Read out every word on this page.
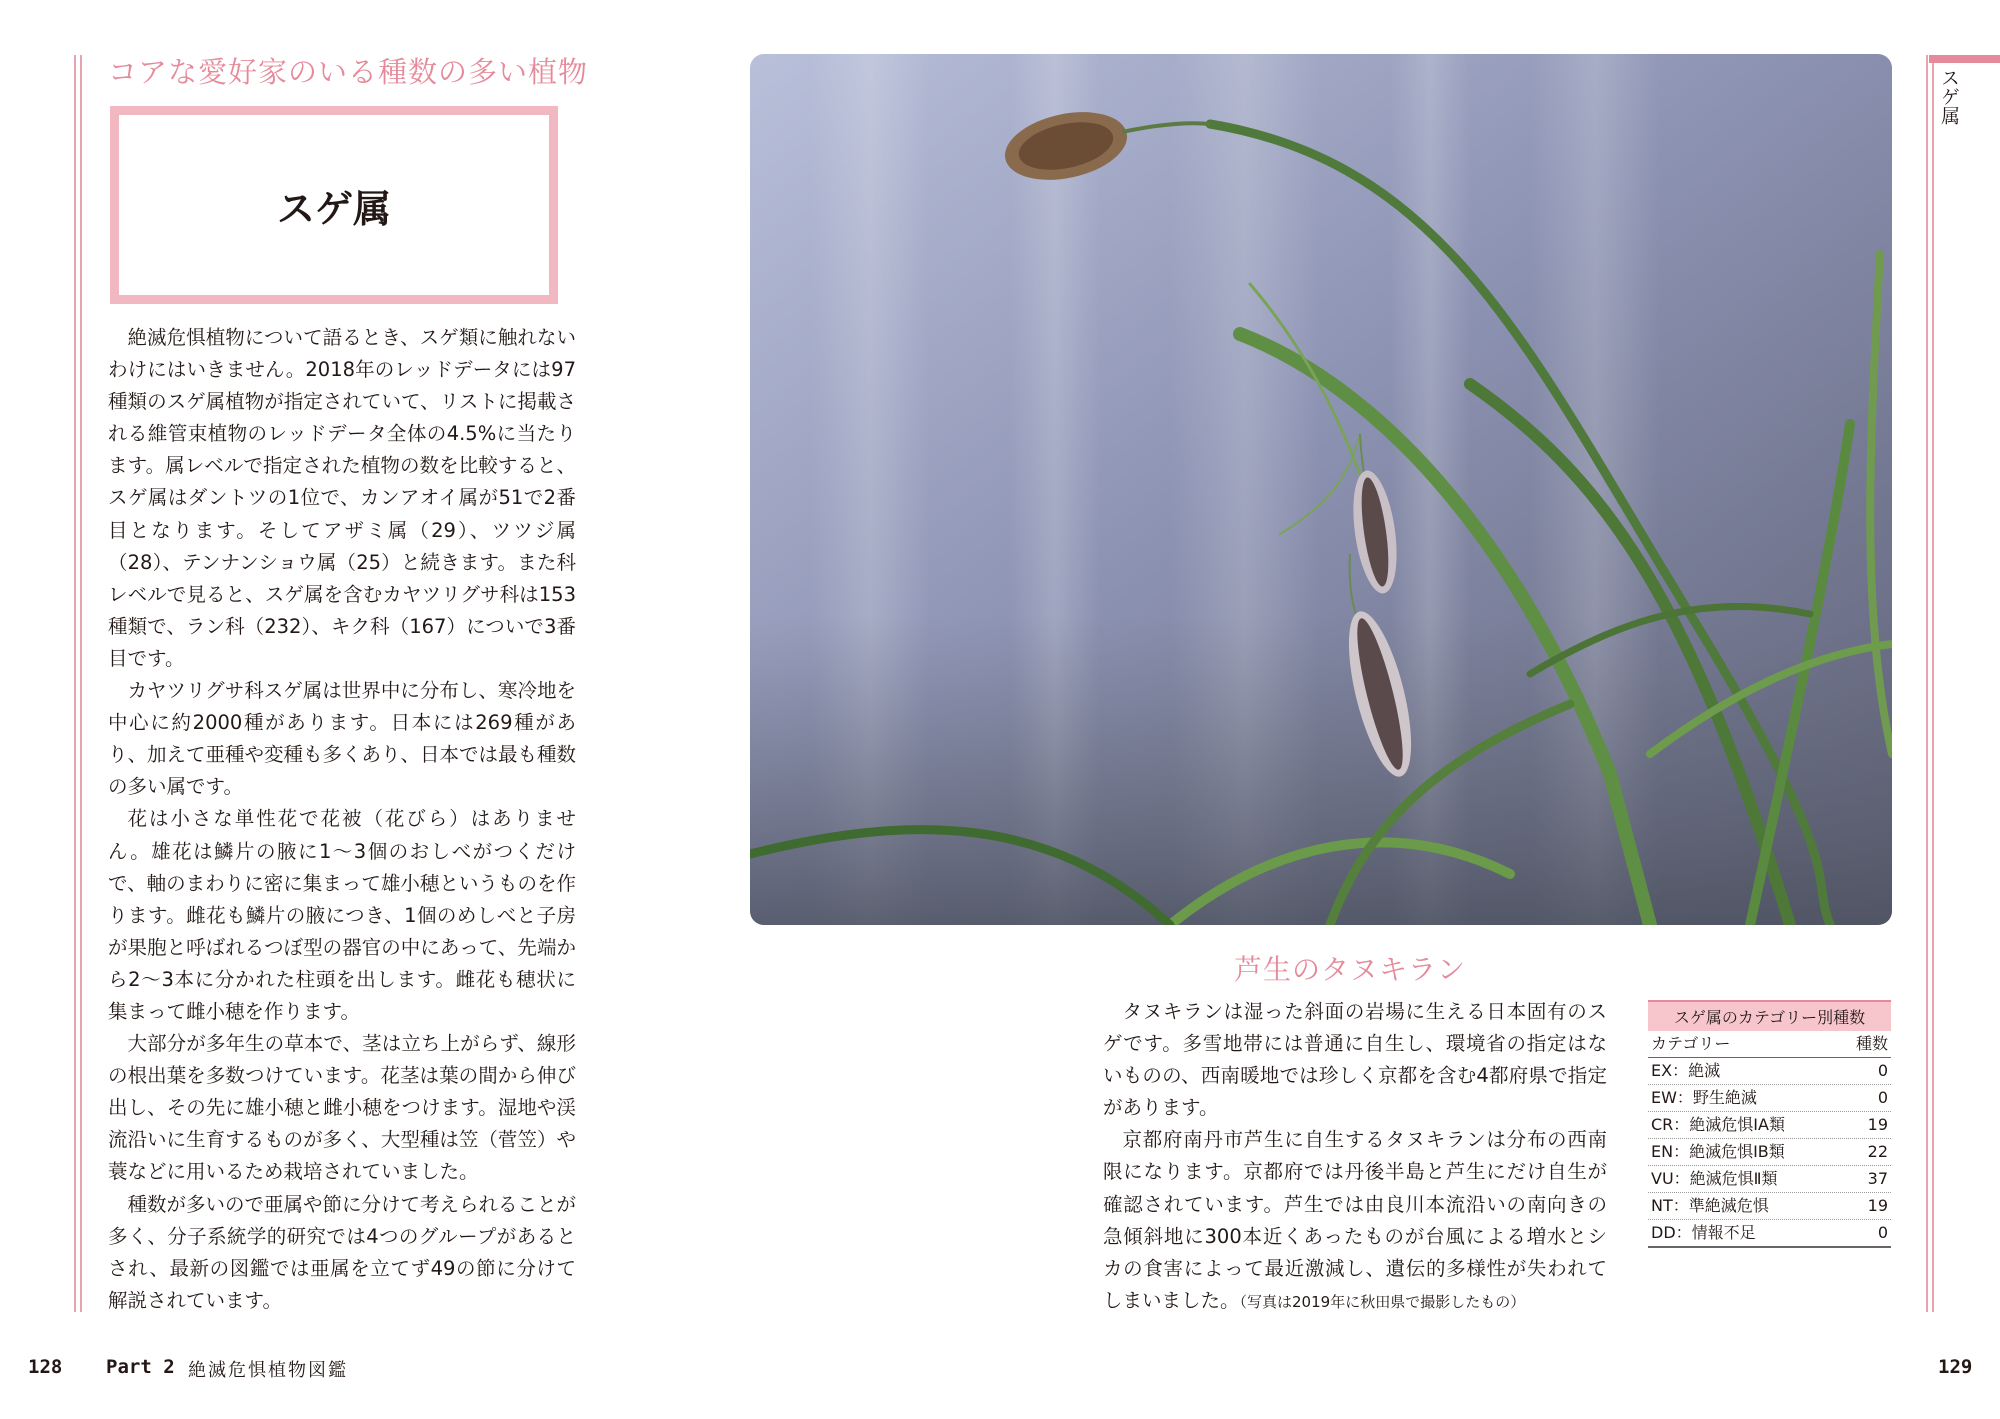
コアな愛好家のいる種数の多い植物
スゲ属

絶滅危惧植物について語るとき、スゲ類に触れないわけにはいきません。2018年のレッドデータには97種類のスゲ属植物が指定されていて、リストに掲載される維管束植物のレッドデータ全体の4.5%に当たります。属レベルで指定された植物の数を比較すると、スゲ属はダントツの1位で、カンアオイ属が51で2番目となります。そしてアザミ属（29）、ツツジ属（28）、テンナンショウ属（25）と続きます。また科レベルで見ると、スゲ属を含むカヤツリグサ科は153種類で、ラン科（232）、キク科（167）についで3番目です。

カヤツリグサ科スゲ属は世界中に分布し、寒冷地を中心に約2000種があります。日本には269種があり、加えて亜種や変種も多くあり、日本では最も種数の多い属です。

花は小さな単性花で花被（花びら）はありません。雄花は鱗片の腋に1〜3個のおしべがつくだけで、軸のまわりに密に集まって雄小穂というものを作ります。雌花も鱗片の腋につき、1個のめしべと子房が果胞と呼ばれるつぼ型の器官の中にあって、先端から2〜3本に分かれた柱頭を出します。雌花も穂状に集まって雌小穂を作ります。

大部分が多年生の草本で、茎は立ち上がらず、線形の根出葉を多数つけています。花茎は葉の間から伸び出し、その先に雄小穂と雌小穂をつけます。湿地や渓流沿いに生育するものが多く、大型種は笠（菅笠）や蓑などに用いるため栽培されていました。

種数が多いので亜属や節に分けて考えられることが多く、分子系統学的研究では4つのグループがあるとされ、最新の図鑑では亜属を立てず49の節に分けて解説されています。

芦生のタヌキラン

タヌキランは湿った斜面の岩場に生える日本固有のスゲです。多雪地帯には普通に自生し、環境省の指定はないものの、西南暖地では珍しく京都を含む4都府県で指定があります。

京都府南丹市芦生に自生するタヌキランは分布の西南限になります。京都府では丹後半島と芦生にだけ自生が確認されています。芦生では由良川本流沿いの南向きの急傾斜地に300本近くあったものが台風による増水とシカの食害によって最近激減し、遺伝的多様性が失われてしまいました。（写真は2019年に秋田県で撮影したもの）

スゲ属のカテゴリー別種数
カテゴリー	種数
EX：絶滅	0
EW：野生絶滅	0
CR：絶滅危惧ⅠA類	19
EN：絶滅危惧ⅠB類	22
VU：絶滅危惧Ⅱ類	37
NT：準絶滅危惧	19
DD：情報不足	0
スゲ属
128 Part 2 絶滅危惧植物図鑑	129
